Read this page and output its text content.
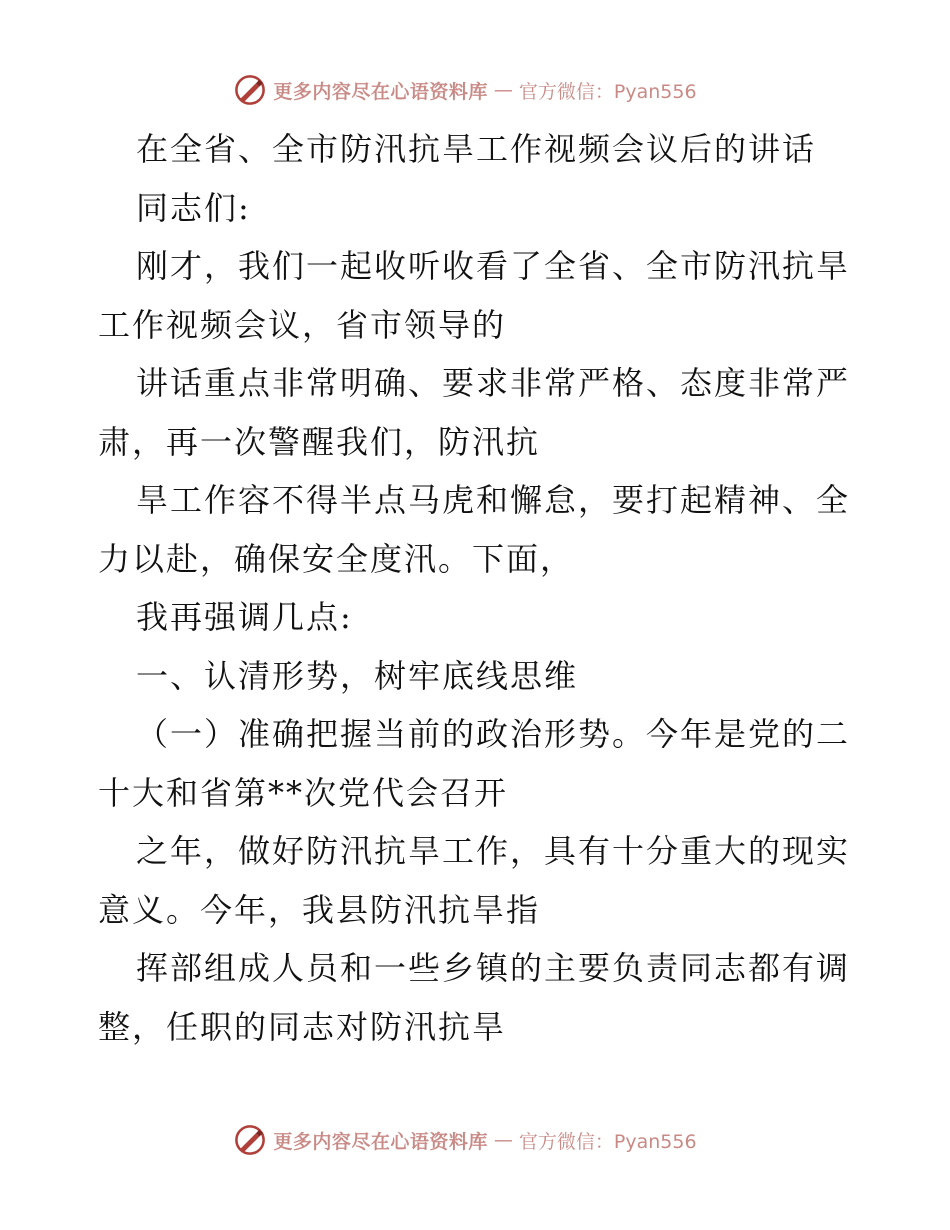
更多内容尽在心语资料库 — 官方微信：Pyan556
在全省、全市防汛抗旱工作视频会议后的讲话
同志们:
刚才，我们一起收听收看了全省、全市防汛抗旱
工作视频会议，省市领导的
讲话重点非常明确、要求非常严格、态度非常严
肃，再一次警醒我们，防汛抗
旱工作容不得半点马虎和懈怠，要打起精神、全
力以赴，确保安全度汛。下面，
我再强调几点:
一、认清形势，树牢底线思维
（一）准确把握当前的政治形势。今年是党的二
十大和省第**次党代会召开
之年，做好防汛抗旱工作，具有十分重大的现实
意义。今年，我县防汛抗旱指
挥部组成人员和一些乡镇的主要负责同志都有调
整，任职的同志对防汛抗旱
更多内容尽在心语资料库 — 官方微信：Pyan556
